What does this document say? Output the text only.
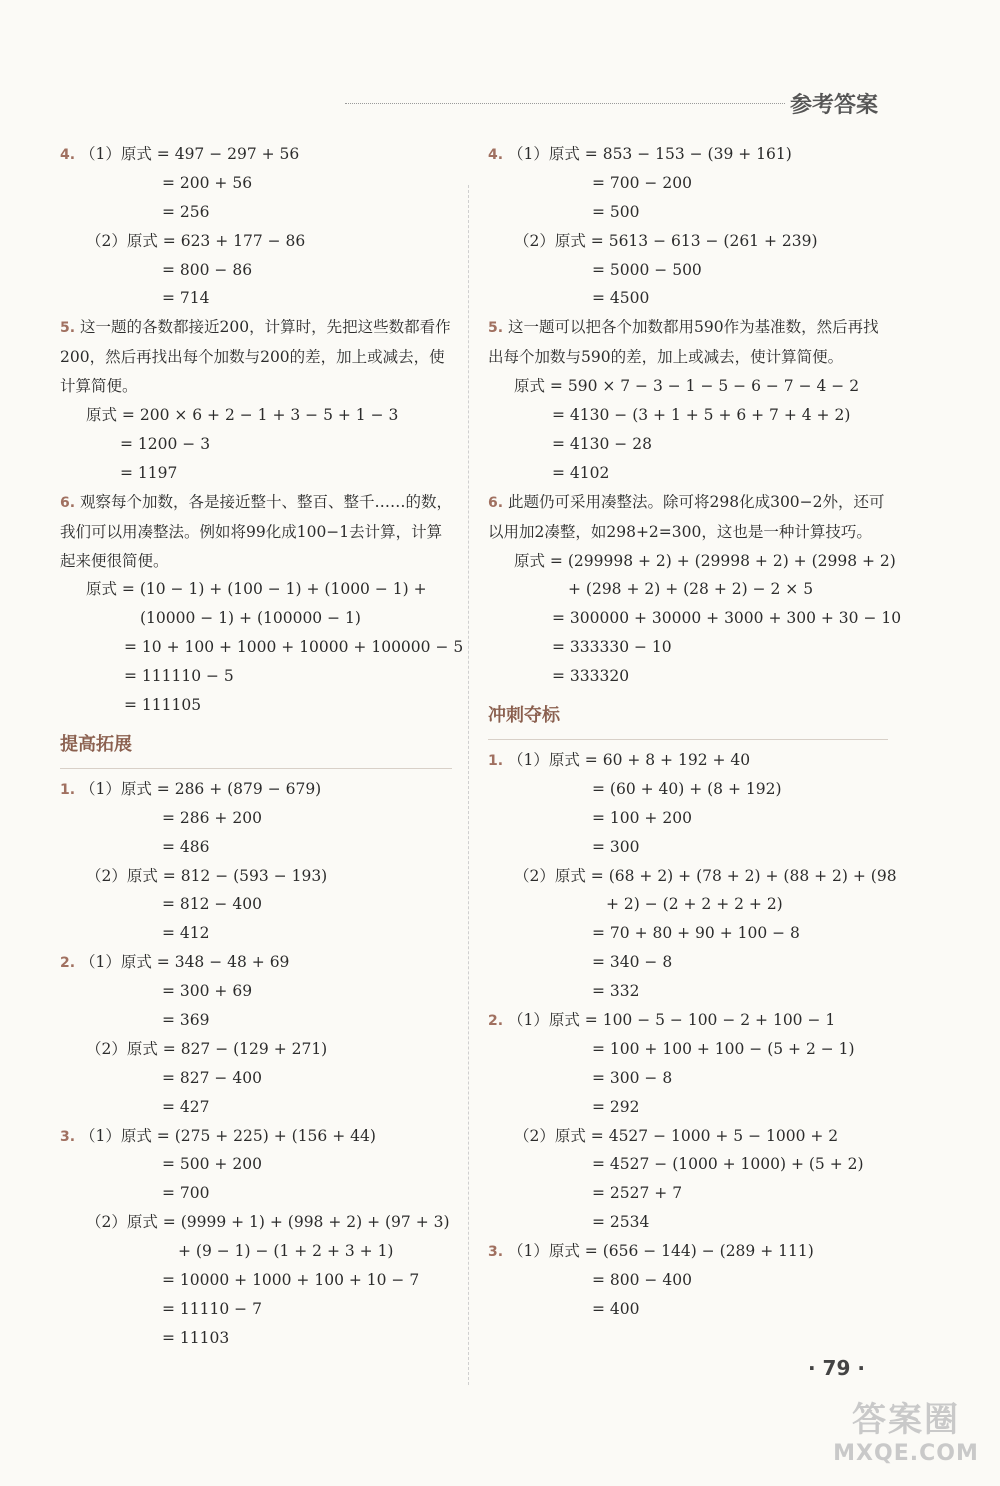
参考答案
4. （1）原式 = 497 − 297 + 56
= 200 + 56
= 256
（2）原式 = 623 + 177 − 86
= 800 − 86
= 714
5. 这一题的各数都接近200，计算时，先把这些数都看作200，然后再找出每个加数与200的差，加上或减去，使计算简便。
原式 = 200 × 6 + 2 − 1 + 3 − 5 + 1 − 3
= 1200 − 3
= 1197
6. 观察每个加数，各是接近整十、整百、整千……的数，我们可以用凑整法。例如将99化成100−1去计算，计算起来便很简便。
原式 = (10 − 1) + (100 − 1) + (1000 − 1) +
(10000 − 1) + (100000 − 1)
= 10 + 100 + 1000 + 10000 + 100000 − 5
= 111110 − 5
= 111105
提高拓展
1. （1）原式 = 286 + (879 − 679)
= 286 + 200
= 486
（2）原式 = 812 − (593 − 193)
= 812 − 400
= 412
2. （1）原式 = 348 − 48 + 69
= 300 + 69
= 369
（2）原式 = 827 − (129 + 271)
= 827 − 400
= 427
3. （1）原式 = (275 + 225) + (156 + 44)
= 500 + 200
= 700
（2）原式 = (9999 + 1) + (998 + 2) + (97 + 3)
+ (9 − 1) − (1 + 2 + 3 + 1)
= 10000 + 1000 + 100 + 10 − 7
= 11110 − 7
= 11103
4. （1）原式 = 853 − 153 − (39 + 161)
= 700 − 200
= 500
（2）原式 = 5613 − 613 − (261 + 239)
= 5000 − 500
= 4500
5. 这一题可以把各个加数都用590作为基准数，然后再找出每个加数与590的差，加上或减去，使计算简便。
原式 = 590 × 7 − 3 − 1 − 5 − 6 − 7 − 4 − 2
= 4130 − (3 + 1 + 5 + 6 + 7 + 4 + 2)
= 4130 − 28
= 4102
6. 此题仍可采用凑整法。除可将298化成300−2外，还可以用加2凑整，如298+2=300，这也是一种计算技巧。
原式 = (299998 + 2) + (29998 + 2) + (2998 + 2)
+ (298 + 2) + (28 + 2) − 2 × 5
= 300000 + 30000 + 3000 + 300 + 30 − 10
= 333330 − 10
= 333320
冲刺夺标
1. （1）原式 = 60 + 8 + 192 + 40
= (60 + 40) + (8 + 192)
= 100 + 200
= 300
（2）原式 = (68 + 2) + (78 + 2) + (88 + 2) + (98
+ 2) − (2 + 2 + 2 + 2)
= 70 + 80 + 90 + 100 − 8
= 340 − 8
= 332
2. （1）原式 = 100 − 5 − 100 − 2 + 100 − 1
= 100 + 100 + 100 − (5 + 2 − 1)
= 300 − 8
= 292
（2）原式 = 4527 − 1000 + 5 − 1000 + 2
= 4527 − (1000 + 1000) + (5 + 2)
= 2527 + 7
= 2534
3. （1）原式 = (656 − 144) − (289 + 111)
= 800 − 400
= 400
· 79 ·
答案圈
MXQE.COM
